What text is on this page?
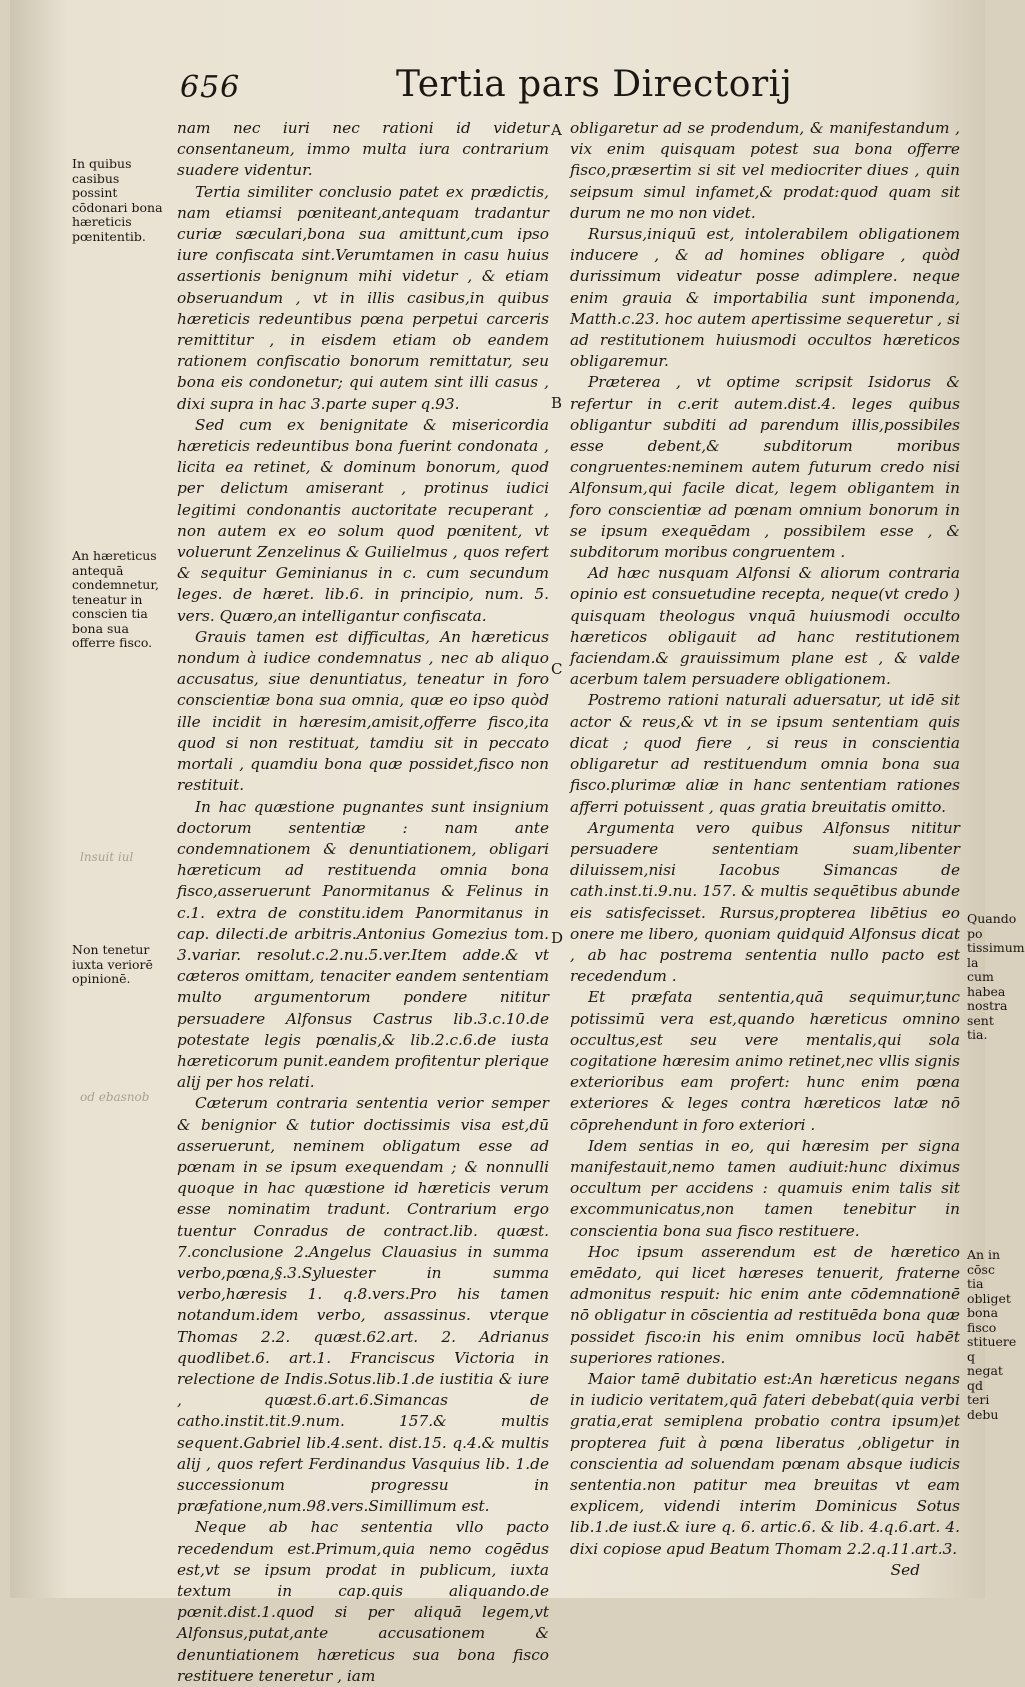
656	Tertia pars Directorij
In quibus casibus possint cōdonari bona hæreticis pœnitentib.
An hæreticus antequā condemnetur, teneatur in conscien tia bona sua offerre fisco.
Non tenetur iuxta veriorē opinionē.
lnsuit iul
od ebasnob

nam nec iuri nec rationi id videtur consentaneum, immo multa iura contrarium suadere videntur.

Tertia similiter conclusio patet ex prædictis, nam etiamsi pœniteant,antequam tradantur curiæ sæculari,bona sua amittunt,cum ipso iure confiscata sint.Verumtamen in casu huius assertionis benignum mihi videtur , & etiam obseruandum , vt in illis casibus,in quibus hæreticis redeuntibus pœna perpetui carceris remittitur , in eisdem etiam ob eandem rationem confiscatio bonorum remittatur, seu bona eis condonetur; qui autem sint illi casus , dixi supra in hac 3.parte super q.93.

Sed cum ex benignitate & misericordia hæreticis redeuntibus bona fuerint condonata , licita ea retinet, & dominum bonorum, quod per delictum amiserant , protinus iudici legitimi condonantis auctoritate recuperant , non autem ex eo solum quod pœnitent, vt voluerunt Zenzelinus & Guilielmus , quos refert & sequitur Geminianus in c. cum secundum leges. de hæret. lib.6. in principio, num. 5. vers. Quæro,an intelligantur confiscata.

Grauis tamen est difficultas, An hæreticus nondum à iudice condemnatus , nec ab aliquo accusatus, siue denuntiatus, teneatur in foro conscientiæ bona sua omnia, quæ eo ipso quòd ille incidit in hæresim,amisit,offerre fisco,ita quod si non restituat, tamdiu sit in peccato mortali , quamdiu bona quæ possidet,fisco non restituit.

In hac quæstione pugnantes sunt insignium doctorum sententiæ : nam ante condemnationem & denuntiationem, obligari hæreticum ad restituenda omnia bona fisco,asseruerunt Panormitanus & Felinus in c.1. extra de constitu.idem Panormitanus in cap. dilecti.de arbitris.Antonius Gomezius tom. 3.variar. resolut.c.2.nu.5.ver.Item adde.& vt cæteros omittam, tenaciter eandem sententiam multo argumentorum pondere nititur persuadere Alfonsus Castrus lib.3.c.10.de potestate legis pœnalis,& lib.2.c.6.de iusta hæreticorum punit.eandem profitentur plerique alij per hos relati.

Cæterum contraria sententia verior semper & benignior & tutior doctissimis visa est,dū asseruerunt, neminem obligatum esse ad pœnam in se ipsum exequendam ; & nonnulli quoque in hac quæstione id hæreticis verum esse nominatim tradunt. Contrarium ergo tuentur Conradus de contract.lib. quæst. 7.conclusione 2.Angelus Clauasius in summa verbo,pœna,§.3.Syluester in summa verbo,hæresis 1. q.8.vers.Pro his tamen notandum.idem verbo, assassinus. vterque Thomas 2.2. quæst.62.art. 2. Adrianus quodlibet.6. art.1. Franciscus Victoria in relectione de Indis.Sotus.lib.1.de iustitia & iure , quæst.6.art.6.Simancas de catho.instit.tit.9.num. 157.& multis sequent.Gabriel lib.4.sent. dist.15. q.4.& multis alij , quos refert Ferdinandus Vasquius lib. 1.de successionum progressu in præfatione,num.98.vers.Simillimum est.

Neque ab hac sententia vllo pacto recedendum est.Primum,quia nemo cogēdus est,vt se ipsum prodat in publicum, iuxta textum in cap.quis aliquando.de pœnit.dist.1.quod si per aliquā legem,vt Alfonsus,putat,ante accusationem & denuntiationem hæreticus sua bona fisco restituere teneretur , iam

A
B
C
D

obligaretur ad se prodendum, & manifestandum , vix enim quisquam potest sua bona offerre fisco,præsertim si sit vel mediocriter diues , quin seipsum simul infamet,& prodat:quod quam sit durum ne mo non videt.

Rursus,iniquū est, intolerabilem obligationem inducere , & ad homines obligare , quòd durissimum videatur posse adimplere. neque enim grauia & importabilia sunt imponenda, Matth.c.23. hoc autem apertissime sequeretur , si ad restitutionem huiusmodi occultos hæreticos obligaremur.

Præterea , vt optime scripsit Isidorus & refertur in c.erit autem.dist.4. leges quibus obligantur subditi ad parendum illis,possibiles esse debent,& subditorum moribus congruentes:neminem autem futurum credo nisi Alfonsum,qui facile dicat, legem obligantem in foro conscientiæ ad pœnam omnium bonorum in se ipsum exequēdam , possibilem esse , & subditorum moribus congruentem .

Ad hæc nusquam Alfonsi & aliorum contraria opinio est consuetudine recepta, neque(vt credo ) quisquam theologus vnquā huiusmodi occulto hæreticos obligauit ad hanc restitutionem faciendam.& grauissimum plane est , & valde acerbum talem persuadere obligationem.

Postremo rationi naturali aduersatur, ut idē sit actor & reus,& vt in se ipsum sententiam quis dicat ; quod fiere , si reus in conscientia obligaretur ad restituendum omnia bona sua fisco.plurimæ aliæ in hanc sententiam rationes afferri potuissent , quas gratia breuitatis omitto.

Argumenta vero quibus Alfonsus nititur persuadere sententiam suam,libenter diluissem,nisi Iacobus Simancas de cath.inst.ti.9.nu. 157. & multis sequētibus abunde eis satisfecisset. Rursus,propterea libētius eo onere me libero, quoniam quidquid Alfonsus dicat , ab hac postrema sententia nullo pacto est recedendum .

Et præfata sententia,quā sequimur,tunc potissimū vera est,quando hæreticus omnino occultus,est seu vere mentalis,qui sola cogitatione hæresim animo retinet,nec vllis signis exterioribus eam profert: hunc enim pœna exteriores & leges contra hæreticos latæ nō cōprehendunt in foro exteriori .

Idem sentias in eo, qui hæresim per signa manifestauit,nemo tamen audiuit:hunc diximus occultum per accidens : quamuis enim talis sit excommunicatus,non tamen tenebitur in conscientia bona sua fisco restituere.

Hoc ipsum asserendum est de hæretico emēdato, qui licet hæreses tenuerit, fraterne admonitus respuit: hic enim ante cōdemnationē nō obligatur in cōscientia ad restituēda bona quæ possidet fisco:in his enim omnibus locū habēt superiores rationes.

Maior tamē dubitatio est:An hæreticus negans in iudicio veritatem,quā fateri debebat(quia verbi gratia,erat semiplena probatio contra ipsum)et propterea fuit à pœna liberatus ,obligetur in conscientia ad soluendam pœnam absque iudicis sententia.non patitur mea breuitas vt eam explicem, videndi interim Dominicus Sotus lib.1.de iust.& iure q. 6. artic.6. & lib. 4.q.6.art. 4. dixi copiose apud Beatum Thomam 2.2.q.11.art.3.

Sed

Quando po tissimum la cum habea nostra sent tia.
An in cōsc tia obliget bona fisco stituere q negat qd teri debu
